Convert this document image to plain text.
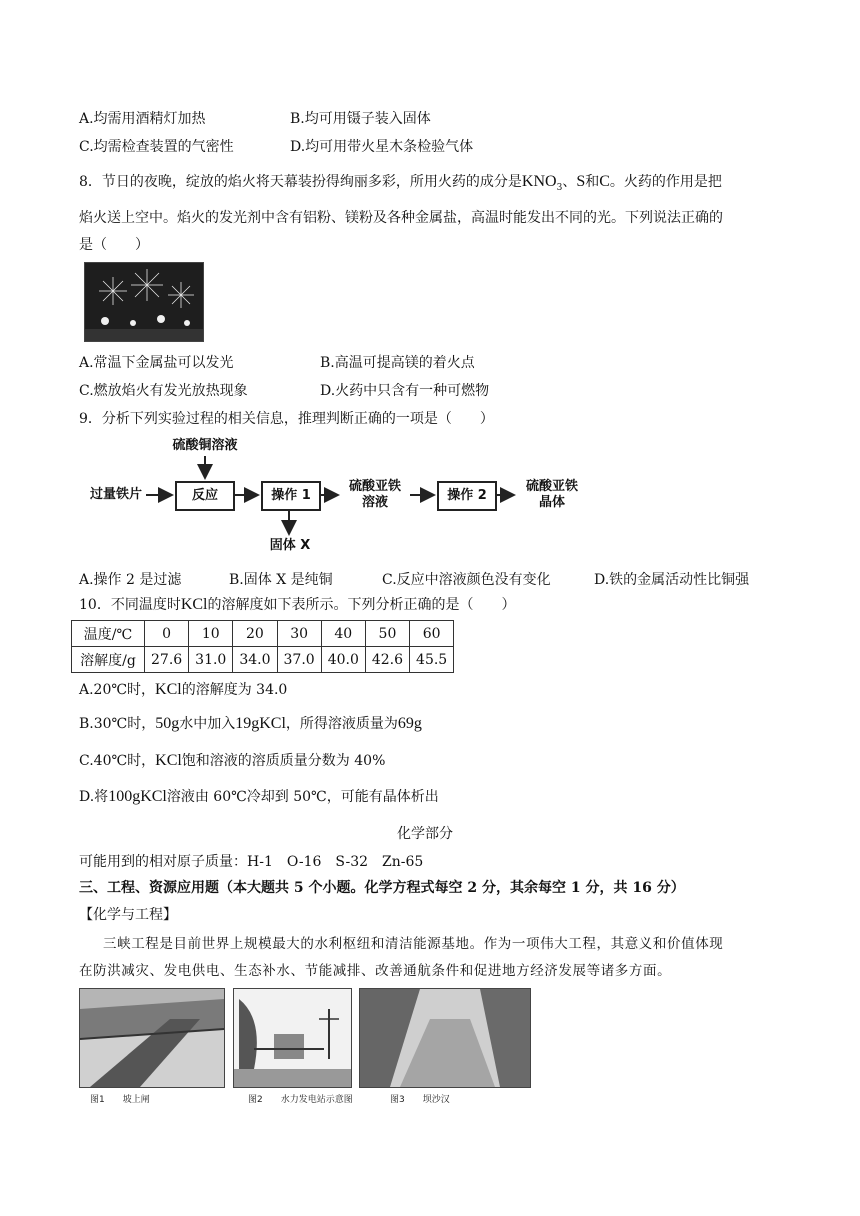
A.均需用酒精灯加热	B.均可用镊子装入固体
C.均需检查装置的气密性	D.均可用带火星木条检验气体
8．节日的夜晚，绽放的焰火将天幕装扮得绚丽多彩，所用火药的成分是$KNO_3$、S和C。火药的作用是把
焰火送上空中。焰火的发光剂中含有铝粉、镁粉及各种金属盐，高温时能发出不同的光。下列说法正确的
是（　　）
A.常温下金属盐可以发光	B.高温可提高镁的着火点
C.燃放焰火有发光放热现象	D.火药中只含有一种可燃物
9．分析下列实验过程的相关信息，推理判断正确的一项是（　　）
硫酸铜溶液
过量铁片	反应	操作 1
硫酸亚铁
溶液	操作 2
硫酸亚铁
晶体
固体 X
A.操作 2 是过滤	B.固体 X 是纯铜	C.反应中溶液颜色没有变化	D.铁的金属活动性比铜强
10．不同温度时KCl的溶解度如下表所示。下列分析正确的是（　　）
温度/℃	0	10	20	30	40	50	60
溶解度/g	27.6	31.0	34.0	37.0	40.0	42.6	45.5
A.20℃时，KCl的溶解度为 34.0
B.30℃时，50g水中加入19gKCl，所得溶液质量为69g
C.40℃时，KCl饱和溶液的溶质质量分数为 40%
D.将100gKCl溶液由 60℃冷却到 50℃，可能有晶体析出
化学部分
可能用到的相对原子质量：H-1　O-16　S-32　Zn-65
三、工程、资源应用题（本大题共 5 个小题。化学方程式每空 2 分，其余每空 1 分，共 16 分）
【化学与工程】
三峡工程是目前世界上规模最大的水利枢纽和清洁能源基地。作为一项伟大工程，其意义和价值体现
在防洪减灾、发电供电、生态补水、节能减排、改善通航条件和促进地方经济发展等诸多方面。
图1　　坡上闸	图2　　水力发电站示意图	图3　　坝沙汉
